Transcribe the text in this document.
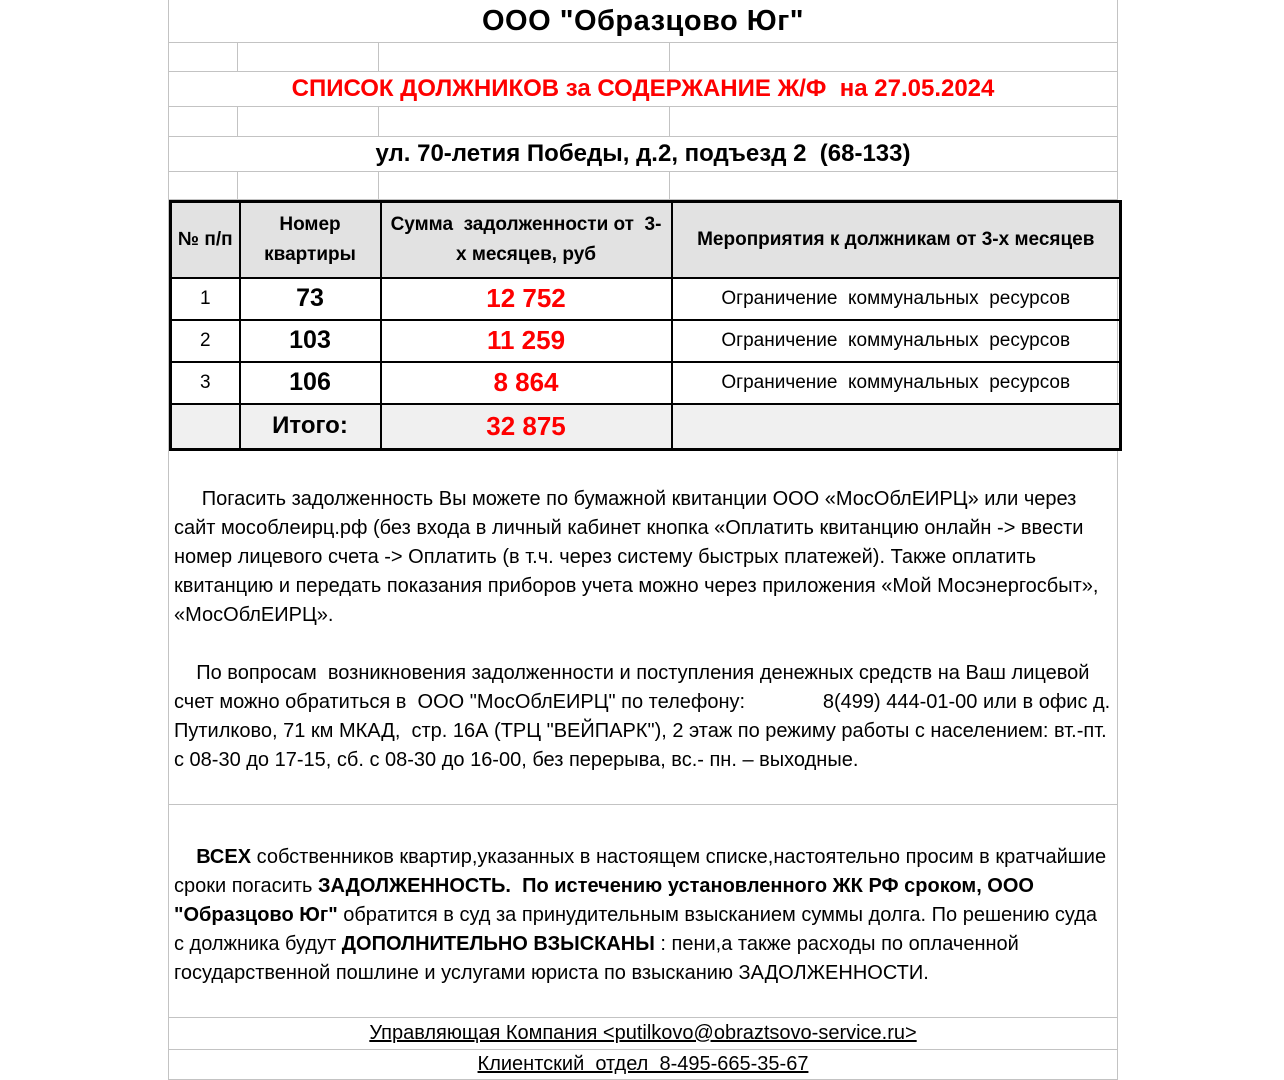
ООО "Образцово Юг"
СПИСОК ДОЛЖНИКОВ за СОДЕРЖАНИЕ Ж/Ф  на 27.05.2024
ул. 70-летия Победы, д.2, подъезд 2  (68-133)
№ п/п	Номер квартиры	Сумма  задолженности от  3-х месяцев, руб	Мероприятия к должникам от 3-х месяцев
1	73	12 752	Ограничение  коммунальных  ресурсов
2	103	11 259	Ограничение  коммунальных  ресурсов
3	106	8 864	Ограничение  коммунальных  ресурсов
	Итого:	32 875	

Погасить задолженность Вы можете по бумажной квитанции ООО «МосОблЕИРЦ» или через сайт мособлеирц.рф (без входа в личный кабинет кнопка «Оплатить квитанцию онлайн -> ввести номер лицевого счета -> Оплатить (в т.ч. через систему быстрых платежей). Также оплатить квитанцию и передать показания приборов учета можно через приложения «Мой Мосэнергосбыт», «МосОблЕИРЦ».

По вопросам  возникновения задолженности и поступления денежных средств на Ваш лицевой счет можно обратиться в  ООО "МосОблЕИРЦ" по телефону:              8(499) 444-01-00 или в офис д. Путилково, 71 км МКАД,  стр. 16А (ТРЦ "ВЕЙПАРК"), 2 этаж по режиму работы с населением: вт.-пт. с 08-30 до 17-15, сб. с 08-30 до 16-00, без перерыва, вс.- пн. – выходные.

ВСЕХ собственников квартир,указанных в настоящем списке,настоятельно просим в кратчайшие сроки погасить ЗАДОЛЖЕННОСТЬ.  По истечению установленного ЖК РФ сроком, ООО "Образцово Юг" обратится в суд за принудительным взысканием суммы долга. По решению суда с должника будут ДОПОЛНИТЕЛЬНО ВЗЫСКАНЫ : пени,а также расходы по оплаченной государственной пошлине и услугами юриста по взысканию ЗАДОЛЖЕННОСТИ.

Управляющая Компания <putilkovo@obraztsovo-service.ru>
Клиентский  отдел  8-495-665-35-67
